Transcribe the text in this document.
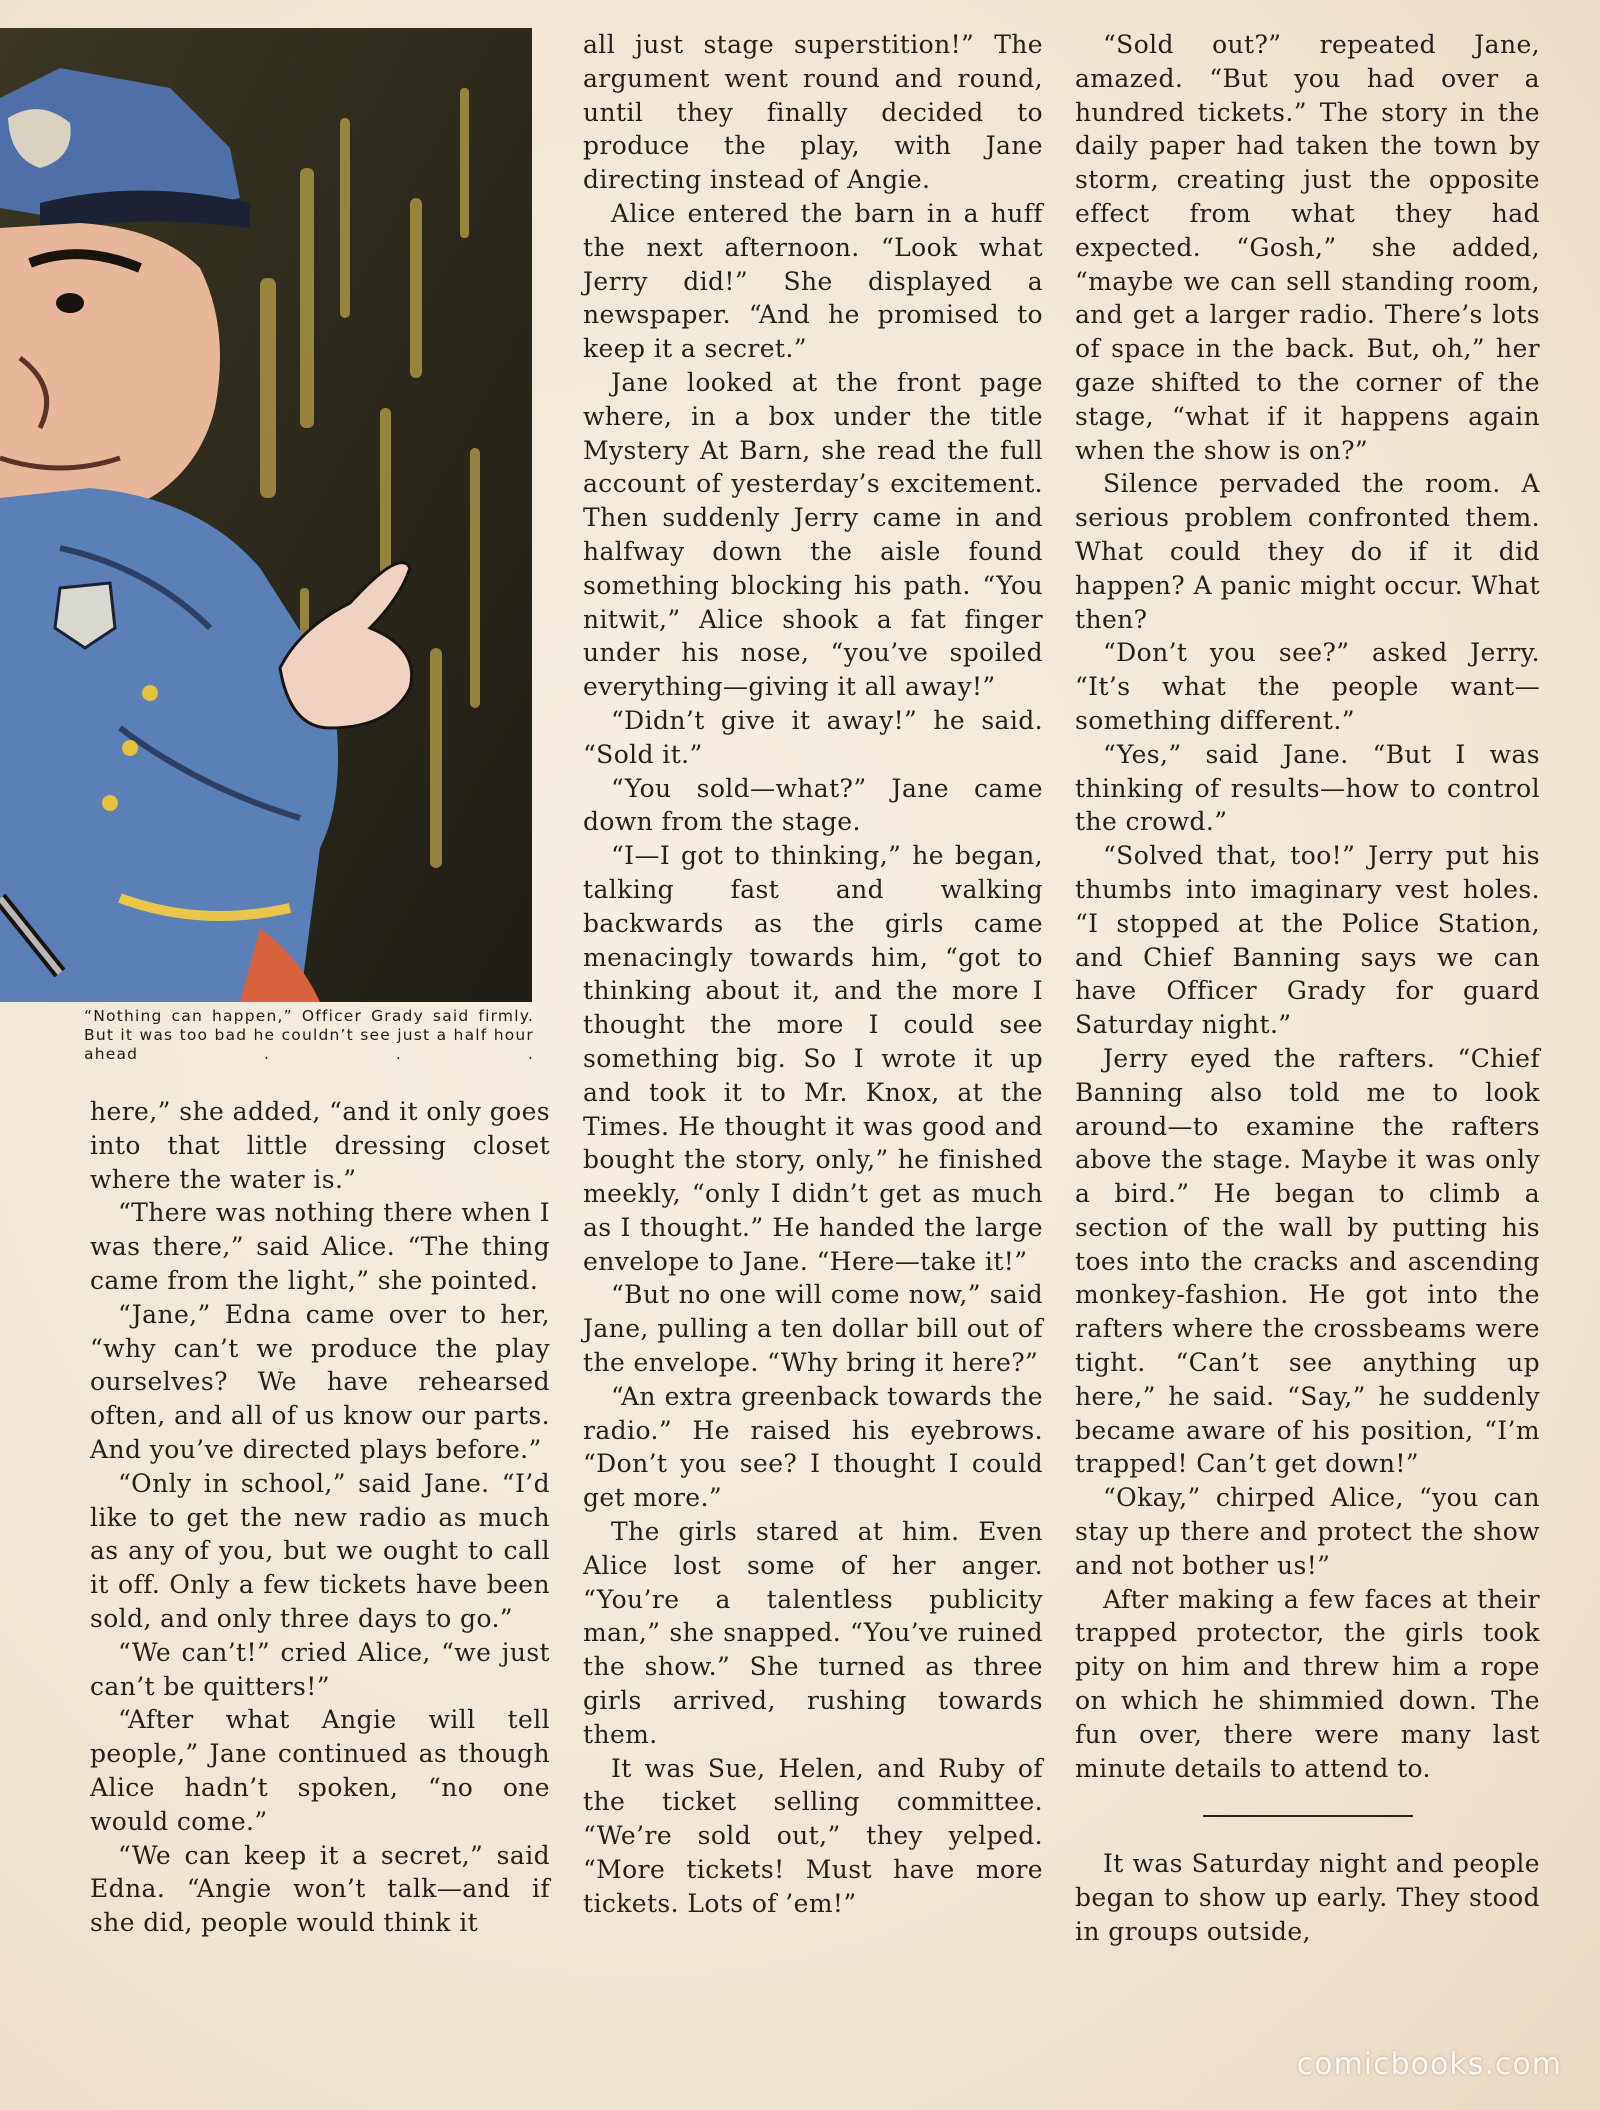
“Nothing can happen,” Officer Grady said firmly. But it was too bad he couldn’t see just a half hour ahead . . .

here,” she added, “and it only goes into that little dressing closet where the water is.”

“There was nothing there when I was there,” said Alice. “The thing came from the light,” she pointed.

“Jane,” Edna came over to her, “why can’t we produce the play ourselves? We have rehearsed often, and all of us know our parts. And you’ve directed plays before.”

“Only in school,” said Jane. “I’d like to get the new radio as much as any of you, but we ought to call it off. Only a few tickets have been sold, and only three days to go.”

“We can’t!” cried Alice, “we just can’t be quitters!”

“After what Angie will tell people,” Jane continued as though Alice hadn’t spoken, “no one would come.”

“We can keep it a secret,” said Edna. “Angie won’t talk—and if she did, people would think it

all just stage superstition!” The argument went round and round, until they finally decided to produce the play, with Jane directing instead of Angie.

Alice entered the barn in a huff the next afternoon. “Look what Jerry did!” She displayed a newspaper. “And he promised to keep it a secret.”

Jane looked at the front page where, in a box under the title Mystery At Barn, she read the full account of yesterday’s excitement. Then suddenly Jerry came in and halfway down the aisle found something blocking his path. “You nitwit,” Alice shook a fat finger under his nose, “you’ve spoiled everything—giving it all away!”

“Didn’t give it away!” he said. “Sold it.”

“You sold—what?” Jane came down from the stage.

“I—I got to thinking,” he began, talking fast and walking backwards as the girls came menacingly towards him, “got to thinking about it, and the more I thought the more I could see something big. So I wrote it up and took it to Mr. Knox, at the Times. He thought it was good and bought the story, only,” he finished meekly, “only I didn’t get as much as I thought.” He handed the large envelope to Jane. “Here—take it!”

“But no one will come now,” said Jane, pulling a ten dollar bill out of the envelope. “Why bring it here?”

“An extra greenback towards the radio.” He raised his eyebrows. “Don’t you see? I thought I could get more.”

The girls stared at him. Even Alice lost some of her anger. “You’re a talentless publicity man,” she snapped. “You’ve ruined the show.” She turned as three girls arrived, rushing towards them.

It was Sue, Helen, and Ruby of the ticket selling committee. “We’re sold out,” they yelped. “More tickets! Must have more tickets. Lots of ’em!”

“Sold out?” repeated Jane, amazed. “But you had over a hundred tickets.” The story in the daily paper had taken the town by storm, creating just the opposite effect from what they had expected. “Gosh,” she added, “maybe we can sell standing room, and get a larger radio. There’s lots of space in the back. But, oh,” her gaze shifted to the corner of the stage, “what if it happens again when the show is on?”

Silence pervaded the room. A serious problem confronted them. What could they do if it did happen? A panic might occur. What then?

“Don’t you see?” asked Jerry. “It’s what the people want—something different.”

“Yes,” said Jane. “But I was thinking of results—how to control the crowd.”

“Solved that, too!” Jerry put his thumbs into imaginary vest holes. “I stopped at the Police Station, and Chief Banning says we can have Officer Grady for guard Saturday night.”

Jerry eyed the rafters. “Chief Banning also told me to look around—to examine the rafters above the stage. Maybe it was only a bird.” He began to climb a section of the wall by putting his toes into the cracks and ascending monkey-fashion. He got into the rafters where the crossbeams were tight. “Can’t see anything up here,” he said. “Say,” he suddenly became aware of his position, “I’m trapped! Can’t get down!”

“Okay,” chirped Alice, “you can stay up there and protect the show and not bother us!”

After making a few faces at their trapped protector, the girls took pity on him and threw him a rope on which he shimmied down. The fun over, there were many last minute details to attend to.

It was Saturday night and people began to show up early. They stood in groups outside,

comicbooks.com
